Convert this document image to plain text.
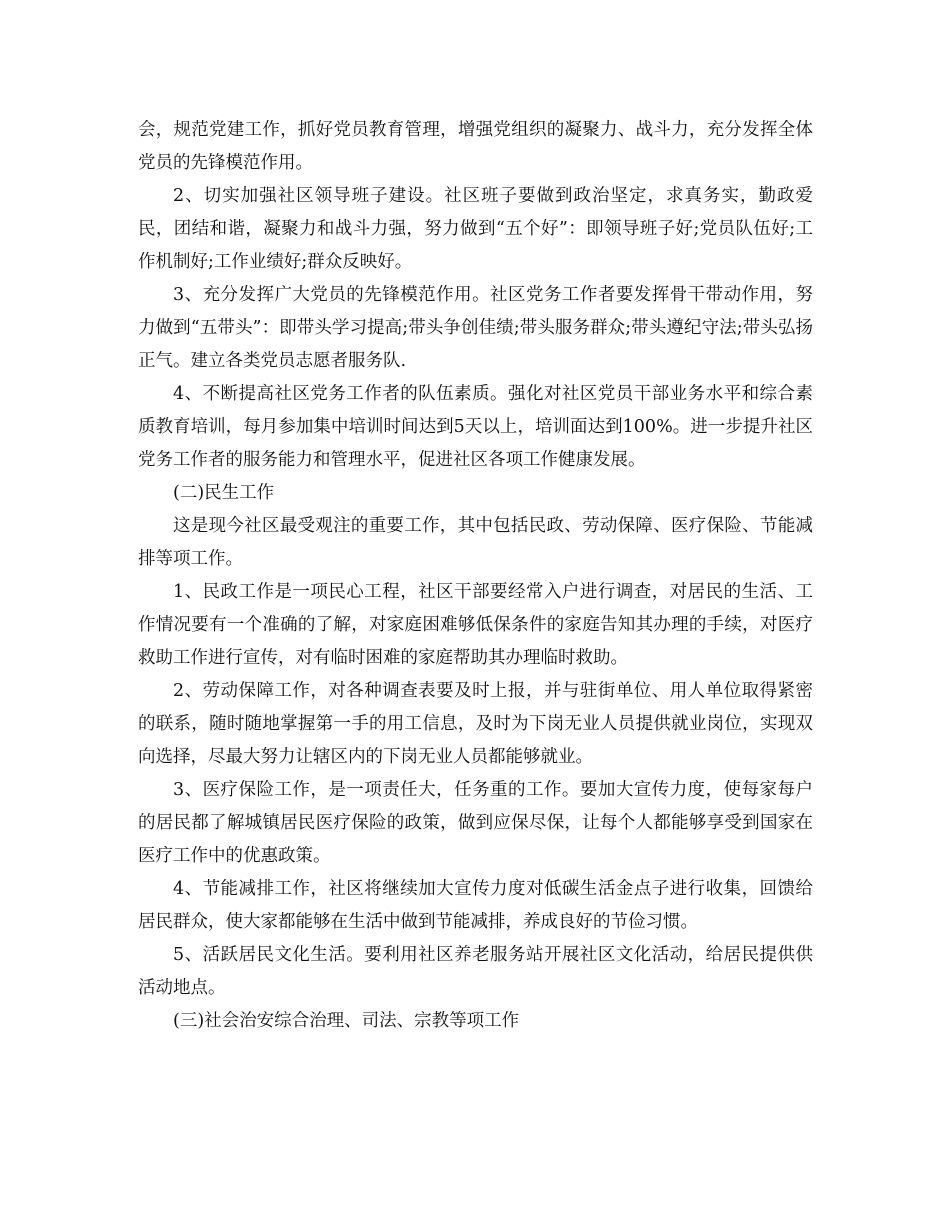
会，规范党建工作，抓好党员教育管理，增强党组织的凝聚力、战斗力，充分发挥全体党员的先锋模范作用。

2、切实加强社区领导班子建设。社区班子要做到政治坚定，求真务实，勤政爱民，团结和谐，凝聚力和战斗力强，努力做到“五个好”：即领导班子好;党员队伍好;工作机制好;工作业绩好;群众反映好。

3、充分发挥广大党员的先锋模范作用。社区党务工作者要发挥骨干带动作用，努力做到“五带头”：即带头学习提高;带头争创佳绩;带头服务群众;带头遵纪守法;带头弘扬正气。建立各类党员志愿者服务队.

4、不断提高社区党务工作者的队伍素质。强化对社区党员干部业务水平和综合素质教育培训，每月参加集中培训时间达到5天以上，培训面达到100%。进一步提升社区党务工作者的服务能力和管理水平，促进社区各项工作健康发展。

(二)民生工作

这是现今社区最受观注的重要工作，其中包括民政、劳动保障、医疗保险、节能减排等项工作。

1、民政工作是一项民心工程，社区干部要经常入户进行调查，对居民的生活、工作情况要有一个准确的了解，对家庭困难够低保条件的家庭告知其办理的手续，对医疗救助工作进行宣传，对有临时困难的家庭帮助其办理临时救助。

2、劳动保障工作，对各种调查表要及时上报，并与驻街单位、用人单位取得紧密的联系，随时随地掌握第一手的用工信息，及时为下岗无业人员提供就业岗位，实现双向选择，尽最大努力让辖区内的下岗无业人员都能够就业。

3、医疗保险工作，是一项责任大，任务重的工作。要加大宣传力度，使每家每户的居民都了解城镇居民医疗保险的政策，做到应保尽保，让每个人都能够享受到国家在医疗工作中的优惠政策。

4、节能减排工作，社区将继续加大宣传力度对低碳生活金点子进行收集，回馈给居民群众，使大家都能够在生活中做到节能减排，养成良好的节俭习惯。

5、活跃居民文化生活。要利用社区养老服务站开展社区文化活动，给居民提供供活动地点。

(三)社会治安综合治理、司法、宗教等项工作
